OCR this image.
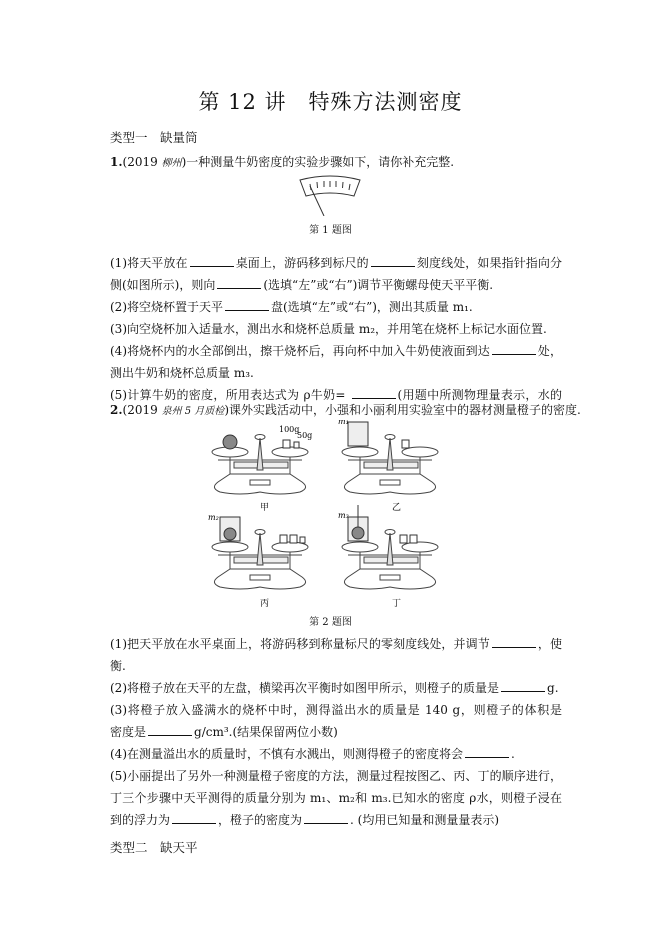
第 12 讲　特殊方法测密度
类型一　缺量筒
1.(2019 柳州)一种测量牛奶密度的实验步骤如下，请你补充完整.
第 1 题图
(1)将天平放在	桌面上，游码移到标尺的	刻度线处，如果指针指向分
侧(如图所示)，则向	(选填“左”或“右”)调节平衡螺母使天平平衡.
(2)将空烧杯置于天平	盘(选填“左”或“右”)，测出其质量 m₁.
(3)向空烧杯加入适量水，测出水和烧杯总质量 m₂，并用笔在烧杯上标记水面位置.
(4)将烧杯内的水全部倒出，擦干烧杯后，再向杯中加入牛奶使液面到达	处，
测出牛奶和烧杯总质量 m₃.
(5)计算牛奶的密度，所用表达式为 ρ牛奶=	(用题中所测物理量表示，水的
2.(2019 泉州 5 月质检)课外实践活动中，小强和小丽利用实验室中的器材测量橙子的密度.
100g
50g
甲
m₁
乙
m₂
丙
m₃
丁
第 2 题图
(1)把天平放在水平桌面上，将游码移到称量标尺的零刻度线处，并调节	，使
衡.
(2)将橙子放在天平的左盘，横梁再次平衡时如图甲所示，则橙子的质量是	g.
(3)将橙子放入盛满水的烧杯中时，测得溢出水的质量是 140 g，则橙子的体积是
密度是	g/cm³.(结果保留两位小数)
(4)在测量溢出水的质量时，不慎有水溅出，则测得橙子的密度将会	.
(5)小丽提出了另外一种测量橙子密度的方法，测量过程按图乙、丙、丁的顺序进行，
丁三个步骤中天平测得的质量分别为 m₁、m₂和 m₃.已知水的密度 ρ水，则橙子浸在
到的浮力为	，橙子的密度为	. (均用已知量和测量量表示)
类型二　缺天平
